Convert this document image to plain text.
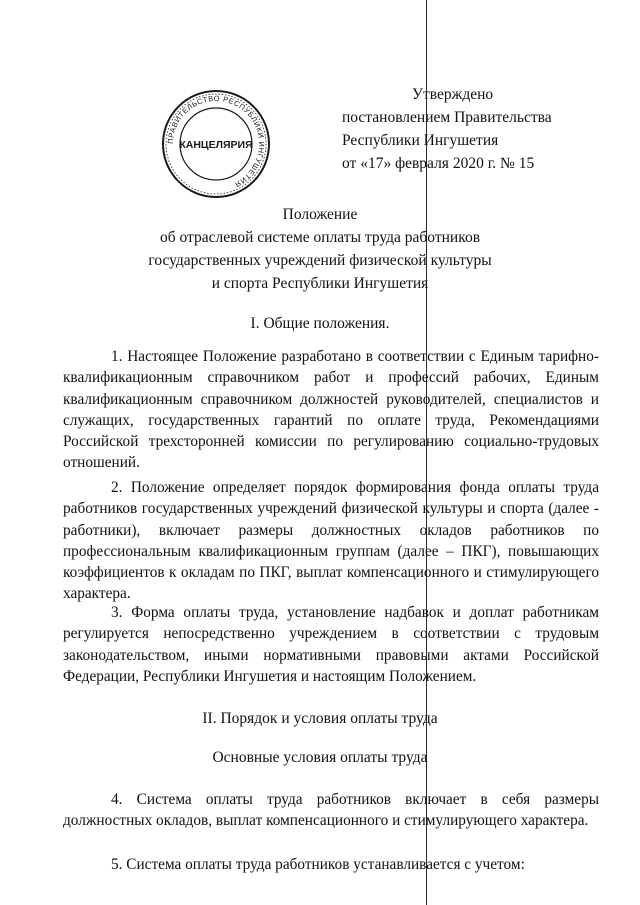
ПРАВИТЕЛЬСТВО РЕСПУБЛИКИ ИНГУШЕТИЯ
КАНЦЕЛЯРИЯ
Утверждено
постановлением Правительства
Республики Ингушетия
от «17» февраля 2020 г. № 15
Положение
об отраслевой системе оплаты труда работников
государственных учреждений физической культуры
и спорта Республики Ингушетия
I. Общие положения.
1. Настоящее Положение разработано в соответствии с Единым тарифно-квалификационным справочником работ и профессий рабочих, Единым квалификационным справочником должностей руководителей, специалистов и служащих, государственных гарантий по оплате труда, Рекомендациями Российской трехсторонней комиссии по регулированию социально-трудовых отношений.
2. Положение определяет порядок формирования фонда оплаты труда работников государственных учреждений физической культуры и спорта (далее - работники), включает размеры должностных окладов работников по профессиональным квалификационным группам (далее – ПКГ), повышающих коэффициентов к окладам по ПКГ, выплат компенсационного и стимулирующего характера.
3. Форма оплаты труда, установление надбавок и доплат работникам регулируется непосредственно учреждением в соответствии с трудовым законодательством, иными нормативными правовыми актами Российской Федерации, Республики Ингушетия и настоящим Положением.
II. Порядок и условия оплаты труда
Основные условия оплаты труда
4. Система оплаты труда работников включает в себя размеры должностных окладов, выплат компенсационного и стимулирующего характера.
5. Система оплаты труда работников устанавливается с учетом:
